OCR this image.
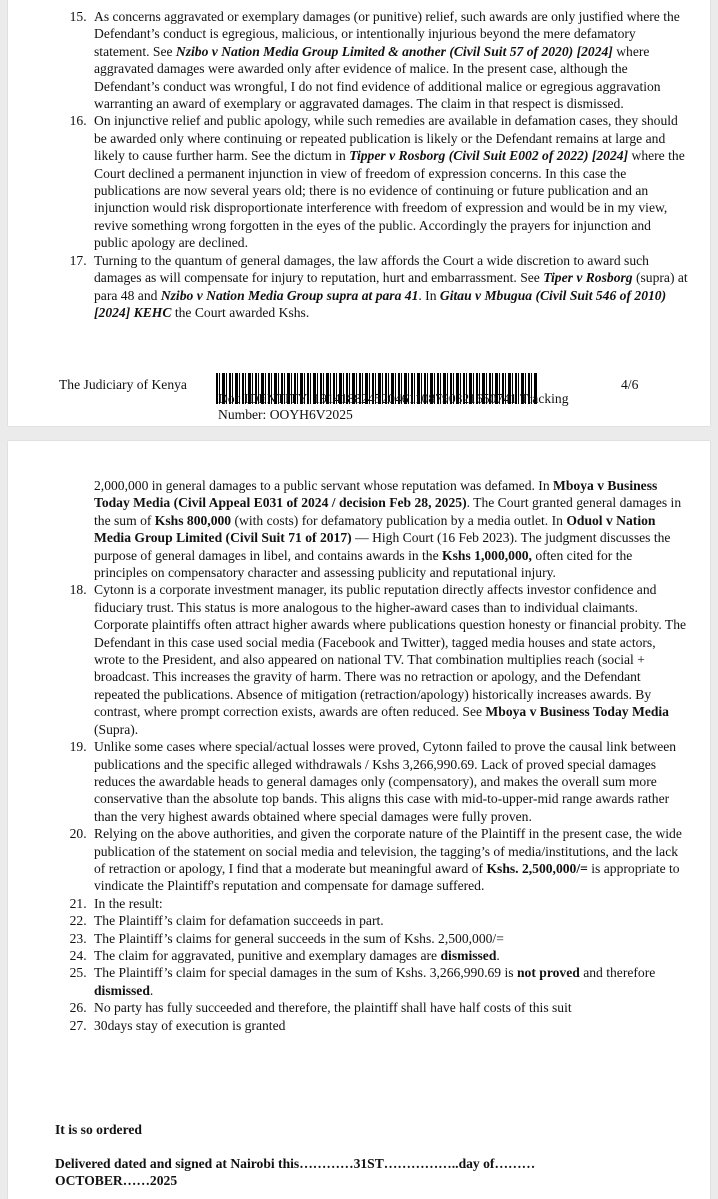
15. As concerns aggravated or exemplary damages (or punitive) relief, such awards are only justified where the Defendant’s conduct is egregious, malicious, or intentionally injurious beyond the mere defamatory statement. See Nzibo v Nation Media Group Limited & another (Civil Suit 57 of 2020) [2024] where aggravated damages were awarded only after evidence of malice. In the present case, although the Defendant’s conduct was wrongful, I do not find evidence of additional malice or egregious aggravation warranting an award of exemplary or aggravated damages. The claim in that respect is dismissed.
16. On injunctive relief and public apology, while such remedies are available in defamation cases, they should be awarded only where continuing or repeated publication is likely or the Defendant remains at large and likely to cause further harm. See the dictum in Tipper v Rosborg (Civil Suit E002 of 2022) [2024] where the Court declined a permanent injunction in view of freedom of expression concerns. In this case the publications are now several years old; there is no evidence of continuing or future publication and an injunction would risk disproportionate interference with freedom of expression and would be in my view, revive something wrong forgotten in the eyes of the public. Accordingly the prayers for injunction and public apology are declined.
17. Turning to the quantum of general damages, the law affords the Court a wide discretion to award such damages as will compensate for injury to reputation, hurt and embarrassment. See Tiper v Rosborg (supra) at para 48 and Nzibo v Nation Media Group supra at para 41. In Gitau v Mbugua (Civil Suit 546 of 2010) [2024] KEHC the Court awarded Kshs.
The Judiciary of Kenya	4/6
Doc IDENTITY: 191418824520461108790321650741 Tracking Number: OOYH6V2025
2,000,000 in general damages to a public servant whose reputation was defamed. In Mboya v Business Today Media (Civil Appeal E031 of 2024 / decision Feb 28, 2025). The Court granted general damages in the sum of Kshs 800,000 (with costs) for defamatory publication by a media outlet. In Oduol v Nation Media Group Limited (Civil Suit 71 of 2017) — High Court (16 Feb 2023). The judgment discusses the purpose of general damages in libel, and contains awards in the Kshs 1,000,000, often cited for the principles on compensatory character and assessing publicity and reputational injury.
18. Cytonn is a corporate investment manager, its public reputation directly affects investor confidence and fiduciary trust. This status is more analogous to the higher-award cases than to individual claimants. Corporate plaintiffs often attract higher awards where publications question honesty or financial probity. The Defendant in this case used social media (Facebook and Twitter), tagged media houses and state actors, wrote to the President, and also appeared on national TV. That combination multiplies reach (social + broadcast. This increases the gravity of harm. There was no retraction or apology, and the Defendant repeated the publications. Absence of mitigation (retraction/apology) historically increases awards. By contrast, where prompt correction exists, awards are often reduced. See Mboya v Business Today Media (Supra).
19. Unlike some cases where special/actual losses were proved, Cytonn failed to prove the causal link between publications and the specific alleged withdrawals / Kshs 3,266,990.69. Lack of proved special damages reduces the awardable heads to general damages only (compensatory), and makes the overall sum more conservative than the absolute top bands. This aligns this case with mid-to-upper-mid range awards rather than the very highest awards obtained where special damages were fully proven.
20. Relying on the above authorities, and given the corporate nature of the Plaintiff in the present case, the wide publication of the statement on social media and television, the tagging’s of media/institutions, and the lack of retraction or apology, I find that a moderate but meaningful award of Kshs. 2,500,000/= is appropriate to vindicate the Plaintiff's reputation and compensate for damage suffered.
21. In the result:
22. The Plaintiff’s claim for defamation succeeds in part.
23. The Plaintiff’s claims for general succeeds in the sum of Kshs. 2,500,000/=
24. The claim for aggravated, punitive and exemplary damages are dismissed.
25. The Plaintiff’s claim for special damages in the sum of Kshs. 3,266,990.69 is not proved and therefore dismissed.
26. No party has fully succeeded and therefore, the plaintiff shall have half costs of this suit
27. 30days stay of execution is granted
It is so ordered
Delivered dated and signed at Nairobi this…………31ST……………..day of………OCTOBER……2025
